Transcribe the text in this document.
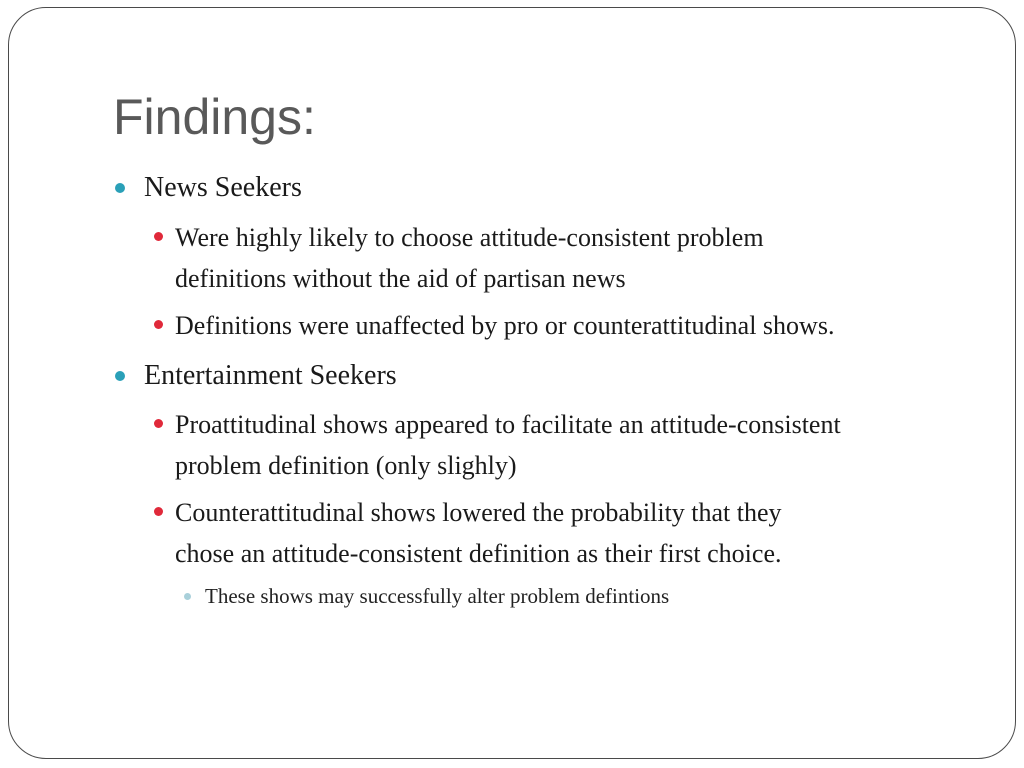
Findings:
News Seekers
Were highly likely to choose attitude-consistent problem
definitions without the aid of partisan news
Definitions were unaffected by pro or counterattitudinal shows.
Entertainment Seekers
Proattitudinal shows appeared to facilitate an attitude-consistent
problem definition (only slighly)
Counterattitudinal shows lowered the probability that they
chose an attitude-consistent definition as their first choice.
These shows may successfully alter problem defintions
